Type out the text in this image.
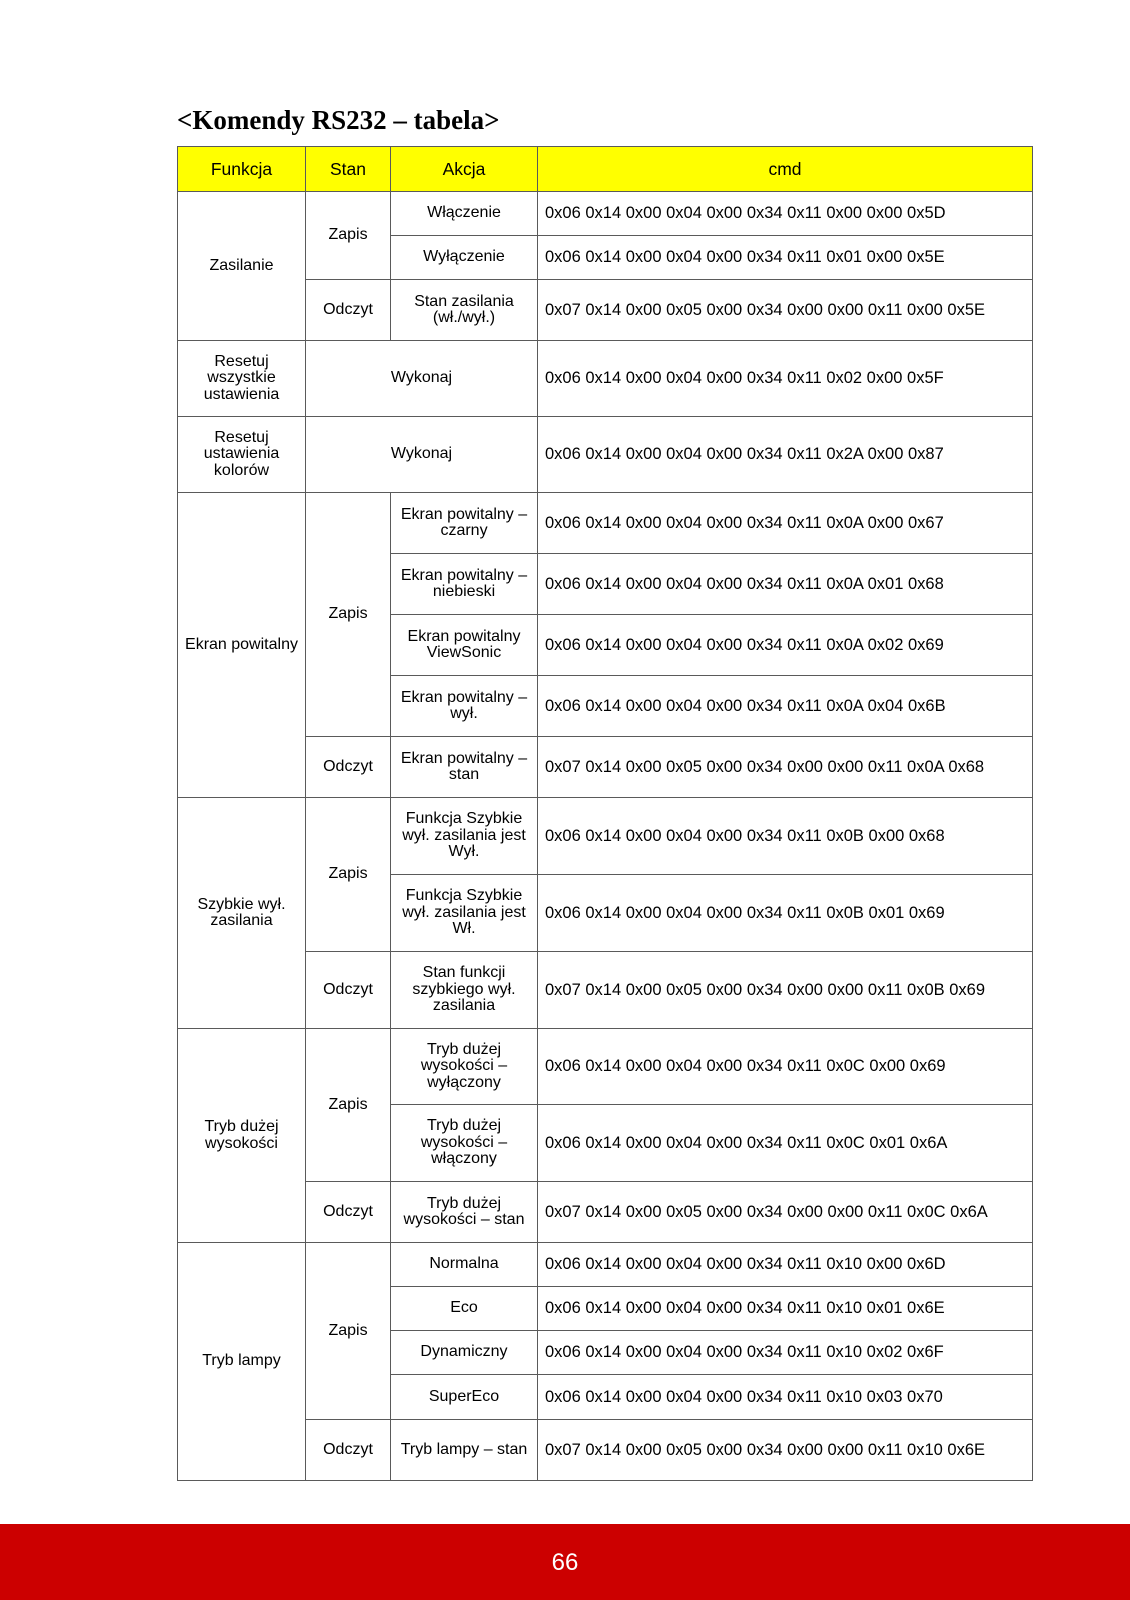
<Komendy RS232 – tabela>
Funkcja	Stan	Akcja	cmd
Zasilanie	Zapis	Włączenie	0x06 0x14 0x00 0x04 0x00 0x34 0x11 0x00 0x00 0x5D
		Wyłączenie	0x06 0x14 0x00 0x04 0x00 0x34 0x11 0x01 0x00 0x5E
	Odczyt	Stan zasilania (wł./wył.)	0x07 0x14 0x00 0x05 0x00 0x34 0x00 0x00 0x11 0x00 0x5E
Resetuj wszystkie ustawienia	Wykonaj		0x06 0x14 0x00 0x04 0x00 0x34 0x11 0x02 0x00 0x5F
Resetuj ustawienia kolorów	Wykonaj		0x06 0x14 0x00 0x04 0x00 0x34 0x11 0x2A 0x00 0x87
Ekran powitalny	Zapis	Ekran powitalny – czarny	0x06 0x14 0x00 0x04 0x00 0x34 0x11 0x0A 0x00 0x67
		Ekran powitalny – niebieski	0x06 0x14 0x00 0x04 0x00 0x34 0x11 0x0A 0x01 0x68
		Ekran powitalny ViewSonic	0x06 0x14 0x00 0x04 0x00 0x34 0x11 0x0A 0x02 0x69
		Ekran powitalny – wył.	0x06 0x14 0x00 0x04 0x00 0x34 0x11 0x0A 0x04 0x6B
	Odczyt	Ekran powitalny – stan	0x07 0x14 0x00 0x05 0x00 0x34 0x00 0x00 0x11 0x0A 0x68
Szybkie wył. zasilania	Zapis	Funkcja Szybkie wył. zasilania jest Wył.	0x06 0x14 0x00 0x04 0x00 0x34 0x11 0x0B 0x00 0x68
		Funkcja Szybkie wył. zasilania jest Wł.	0x06 0x14 0x00 0x04 0x00 0x34 0x11 0x0B 0x01 0x69
	Odczyt	Stan funkcji szybkiego wył. zasilania	0x07 0x14 0x00 0x05 0x00 0x34 0x00 0x00 0x11 0x0B 0x69
Tryb dużej wysokości	Zapis	Tryb dużej wysokości – wyłączony	0x06 0x14 0x00 0x04 0x00 0x34 0x11 0x0C 0x00 0x69
		Tryb dużej wysokości – włączony	0x06 0x14 0x00 0x04 0x00 0x34 0x11 0x0C 0x01 0x6A
	Odczyt	Tryb dużej wysokości – stan	0x07 0x14 0x00 0x05 0x00 0x34 0x00 0x00 0x11 0x0C 0x6A
Tryb lampy	Zapis	Normalna	0x06 0x14 0x00 0x04 0x00 0x34 0x11 0x10 0x00 0x6D
		Eco	0x06 0x14 0x00 0x04 0x00 0x34 0x11 0x10 0x01 0x6E
		Dynamiczny	0x06 0x14 0x00 0x04 0x00 0x34 0x11 0x10 0x02 0x6F
		SuperEco	0x06 0x14 0x00 0x04 0x00 0x34 0x11 0x10 0x03 0x70
	Odczyt	Tryb lampy – stan	0x07 0x14 0x00 0x05 0x00 0x34 0x00 0x00 0x11 0x10 0x6E
66
